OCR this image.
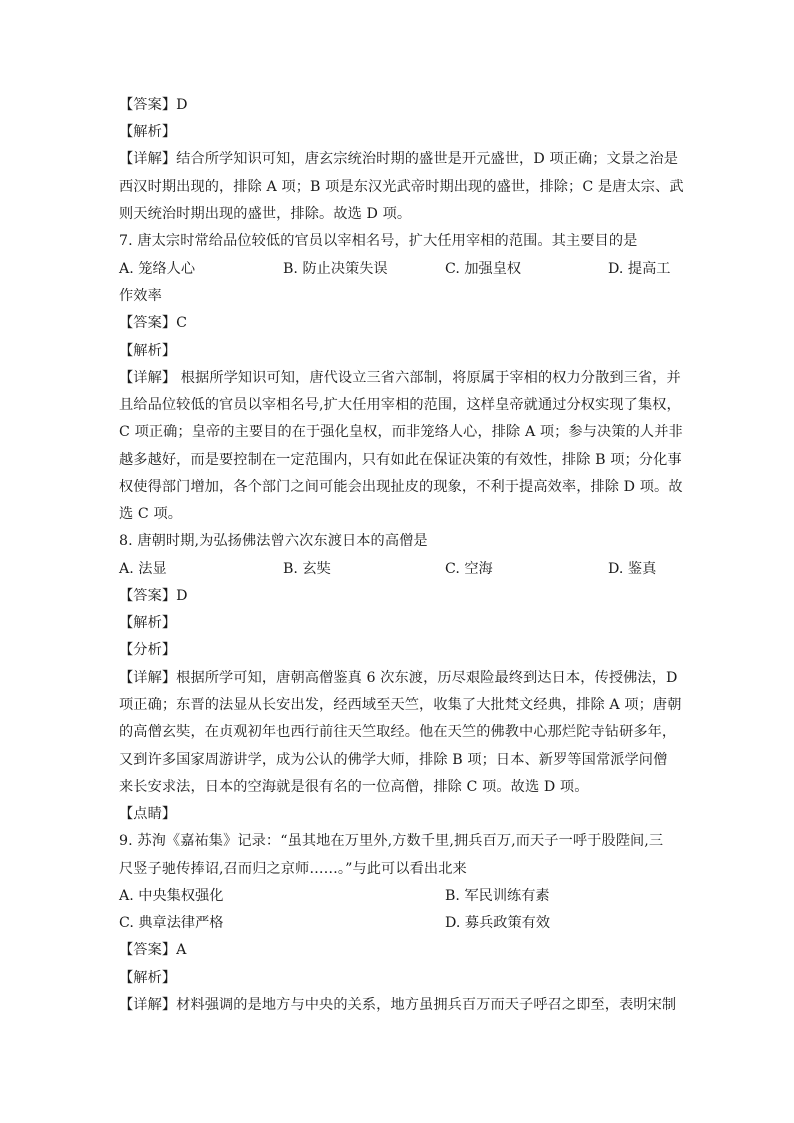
【答案】D
【解析】
【详解】结合所学知识可知，唐玄宗统治时期的盛世是开元盛世，D 项正确；文景之治是
西汉时期出现的，排除 A 项；B 项是东汉光武帝时期出现的盛世，排除；C 是唐太宗、武
则天统治时期出现的盛世，排除。故选 D 项。
7. 唐太宗时常给品位较低的官员以宰相名号，扩大任用宰相的范围。其主要目的是
A. 笼络人心	B. 防止决策失误	C. 加强皇权	D. 提高工
作效率
【答案】C
【解析】
【详解】 根据所学知识可知，唐代设立三省六部制，将原属于宰相的权力分散到三省，并
且给品位较低的官员以宰相名号,扩大任用宰相的范围，这样皇帝就通过分权实现了集权，
C 项正确；皇帝的主要目的在于强化皇权，而非笼络人心，排除 A 项；参与决策的人并非
越多越好，而是要控制在一定范围内，只有如此在保证决策的有效性，排除 B 项；分化事
权使得部门增加，各个部门之间可能会出现扯皮的现象，不利于提高效率，排除 D 项。故
选 C 项。
8. 唐朝时期,为弘扬佛法曾六次东渡日本的高僧是
A. 法显	B. 玄奘	C. 空海	D. 鉴真
【答案】D
【解析】
【分析】
【详解】根据所学可知，唐朝高僧鉴真 6 次东渡，历尽艰险最终到达日本，传授佛法，D
项正确；东晋的法显从长安出发，经西域至天竺，收集了大批梵文经典，排除 A 项；唐朝
的高僧玄奘，在贞观初年也西行前往天竺取经。他在天竺的佛教中心那烂陀寺钻研多年，
又到许多国家周游讲学，成为公认的佛学大师，排除 B 项；日本、新罗等国常派学问僧
来长安求法，日本的空海就是很有名的一位高僧，排除 C 项。故选 D 项。
【点睛】
9. 苏洵《嘉祐集》记录：“虽其地在万里外,方数千里,拥兵百万,而天子一呼于股陛间,三
尺竖子驰传捧诏,召而归之京师……。”与此可以看出北来
A. 中央集权强化	B. 军民训练有素
C. 典章法律严格	D. 募兵政策有效
【答案】A
【解析】
【详解】材料强调的是地方与中央的关系，地方虽拥兵百万而天子呼召之即至，表明宋制
